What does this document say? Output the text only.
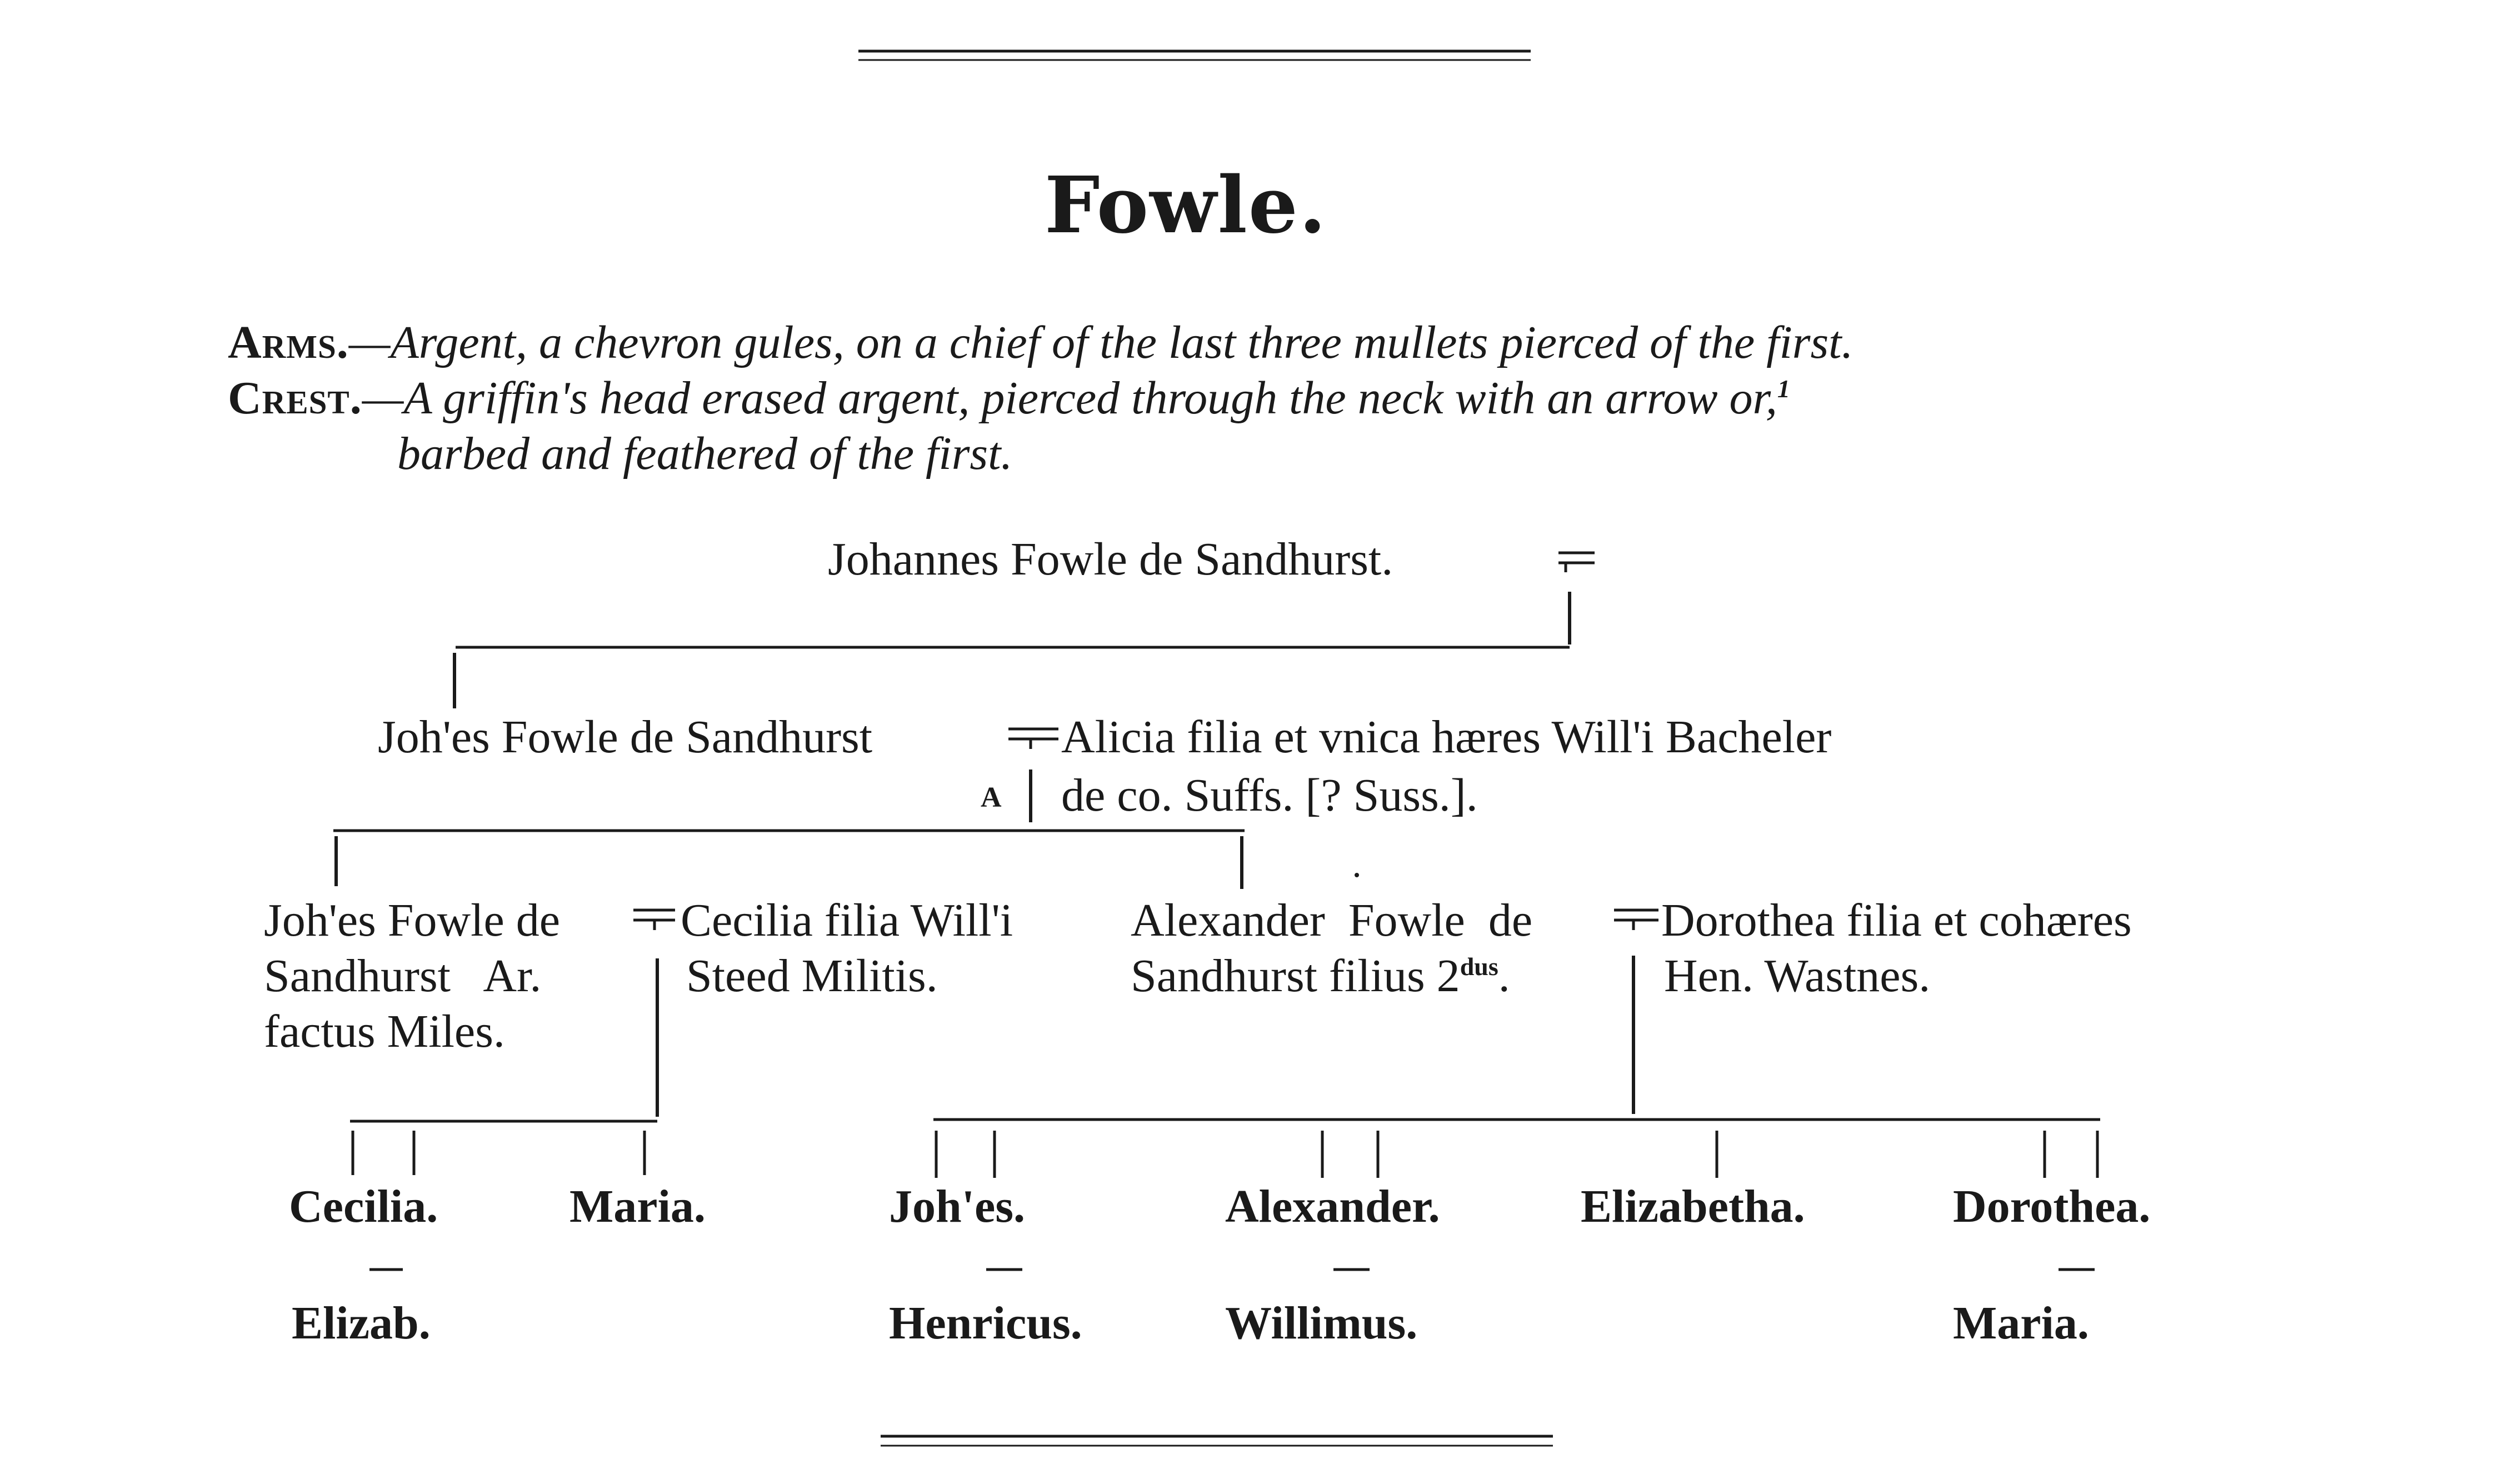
Fowle.
Arms.—Argent, a chevron gules, on a chief of the last three mullets pierced of the first.
Crest.—A griffin's head erased argent, pierced through the neck with an arrow or,$^1$
barbed and feathered of the first.
Johannes Fowle de Sandhurst.
Joh'es Fowle de Sandhurst	Alicia filia et vnica hæres Will'i Bacheler
de co. Suffs. [? Suss.].
A
Joh'es Fowle de
Sandhurst   Ar.
factus Miles.
Cecilia filia Will'i
Steed Militis.
Alexander  Fowle  de
Sandhurst filius $2^{dus}$.
Dorothea filia et cohæres
Hen. Wastnes.
Cecilia.
Elizab.
Maria.	Joh'es.
Henricus.
Alexander.
Willimus.
Elizabetha.	Dorothea.
Maria.
